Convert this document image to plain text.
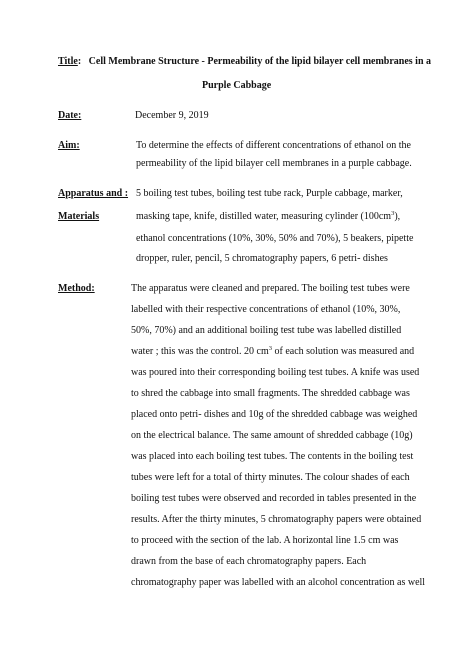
Title:   Cell Membrane Structure - Permeability of the lipid bilayer cell membranes in a
Purple Cabbage
Date:	December 9, 2019
Aim:	To determine the effects of different concentrations of ethanol on the
permeability of the lipid bilayer cell membranes in a purple cabbage.
Apparatus and : 5 boiling test tubes, boiling test tube rack, Purple cabbage, marker,
Materials	masking tape, knife, distilled water, measuring cylinder $(100cm^3)$,
ethanol concentrations (10%, 30%, 50% and 70%), 5 beakers, pipette
dropper, ruler, pencil, 5 chromatography papers, 6 petri- dishes
Method:	The apparatus were cleaned and prepared. The boiling test tubes were
labelled with their respective concentrations of ethanol (10%, 30%,
50%, 70%) and an additional boiling test tube was labelled distilled
water ; this was the control. 20 $cm^3$ of each solution was measured and
was poured into their corresponding boiling test tubes. A knife was used
to shred the cabbage into small fragments. The shredded cabbage was
placed onto petri- dishes and 10g of the shredded cabbage was weighed
on the electrical balance. The same amount of shredded cabbage (10g)
was placed into each boiling test tubes. The contents in the boiling test
tubes were left for a total of thirty minutes. The colour shades of each
boiling test tubes were observed and recorded in tables presented in the
results. After the thirty minutes, 5 chromatography papers were obtained
to proceed with the section of the lab. A horizontal line 1.5 cm was
drawn from the base of each chromatography papers. Each
chromatography paper was labelled with an alcohol concentration as well
